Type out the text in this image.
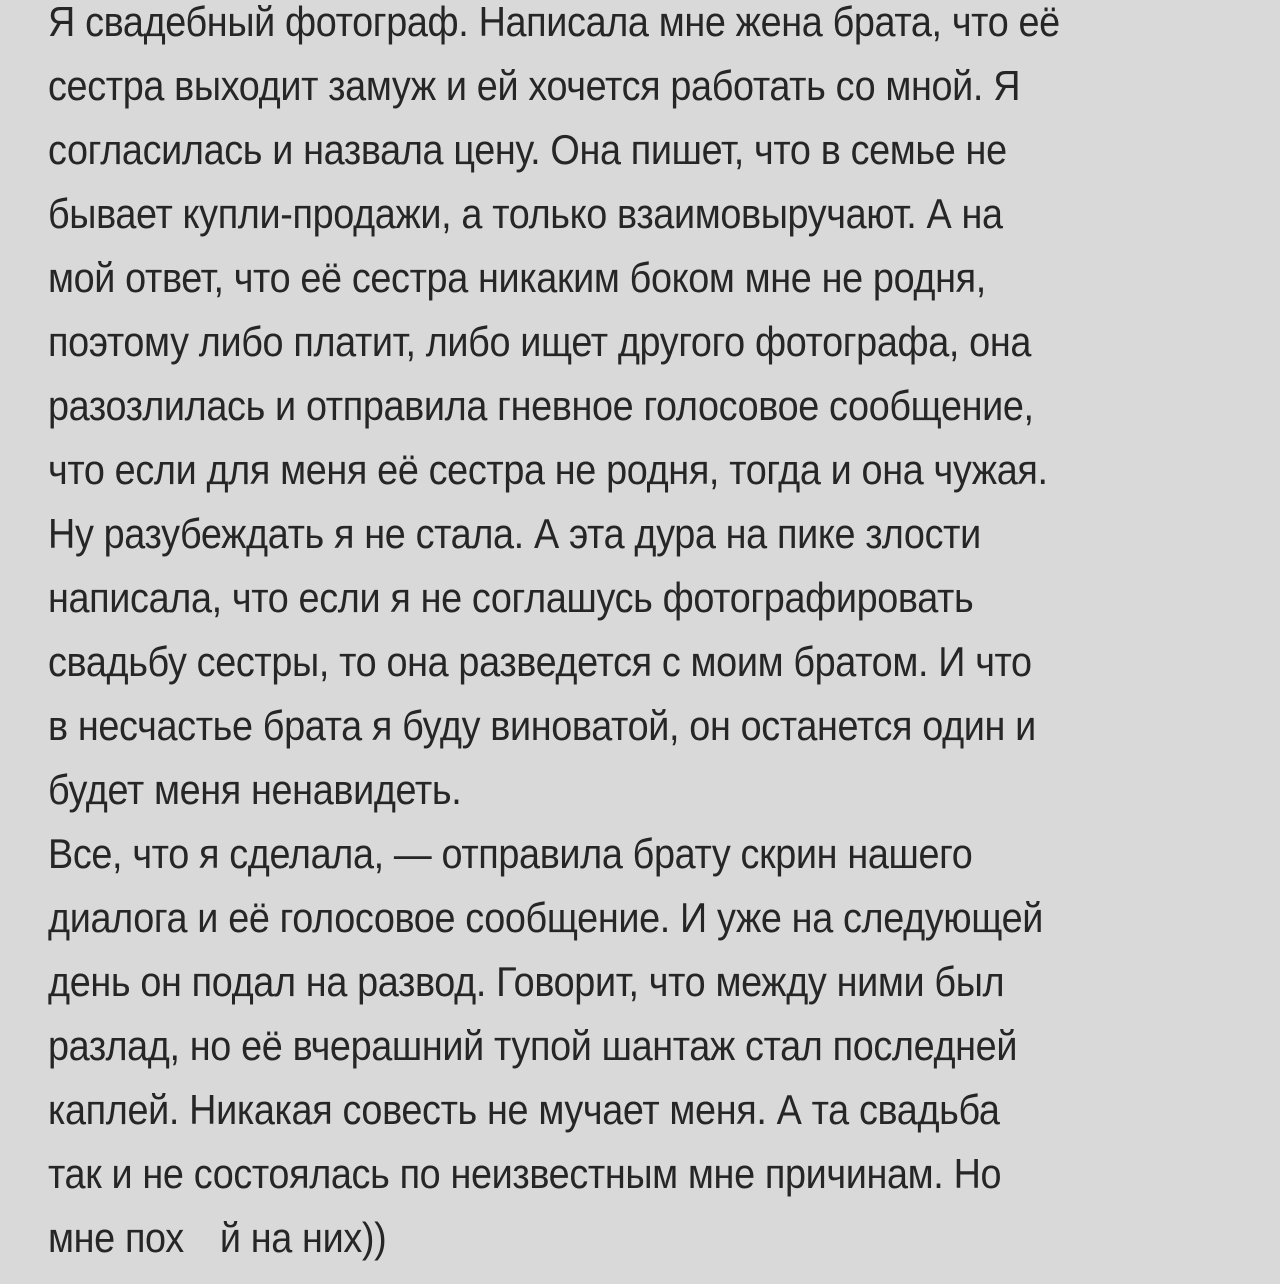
Я свадебный фотограф. Написала мне жена брата, что её
сестра выходит замуж и ей хочется работать со мной. Я
согласилась и назвала цену. Она пишет, что в семье не
бывает купли-продажи, а только взаимовыручают. А на
мой ответ, что её сестра никаким боком мне не родня,
поэтому либо платит, либо ищет другого фотографа, она
разозлилась и отправила гневное голосовое сообщение,
что если для меня её сестра не родня, тогда и она чужая.
Ну разубеждать я не стала. А эта дура на пике злости
написала, что если я не соглашусь фотографировать
свадьбу сестры, то она разведется с моим братом. И что
в несчастье брата я буду виноватой, он останется один и
будет меня ненавидеть.
Все, что я сделала, — отправила брату скрин нашего
диалога и её голосовое сообщение. И уже на следующей
день он подал на развод. Говорит, что между ними был
разлад, но её вчерашний тупой шантаж стал последней
каплей. Никакая совесть не мучает меня. А та свадьба
так и не состоялась по неизвестным мне причинам. Но
мне пох й на них))
